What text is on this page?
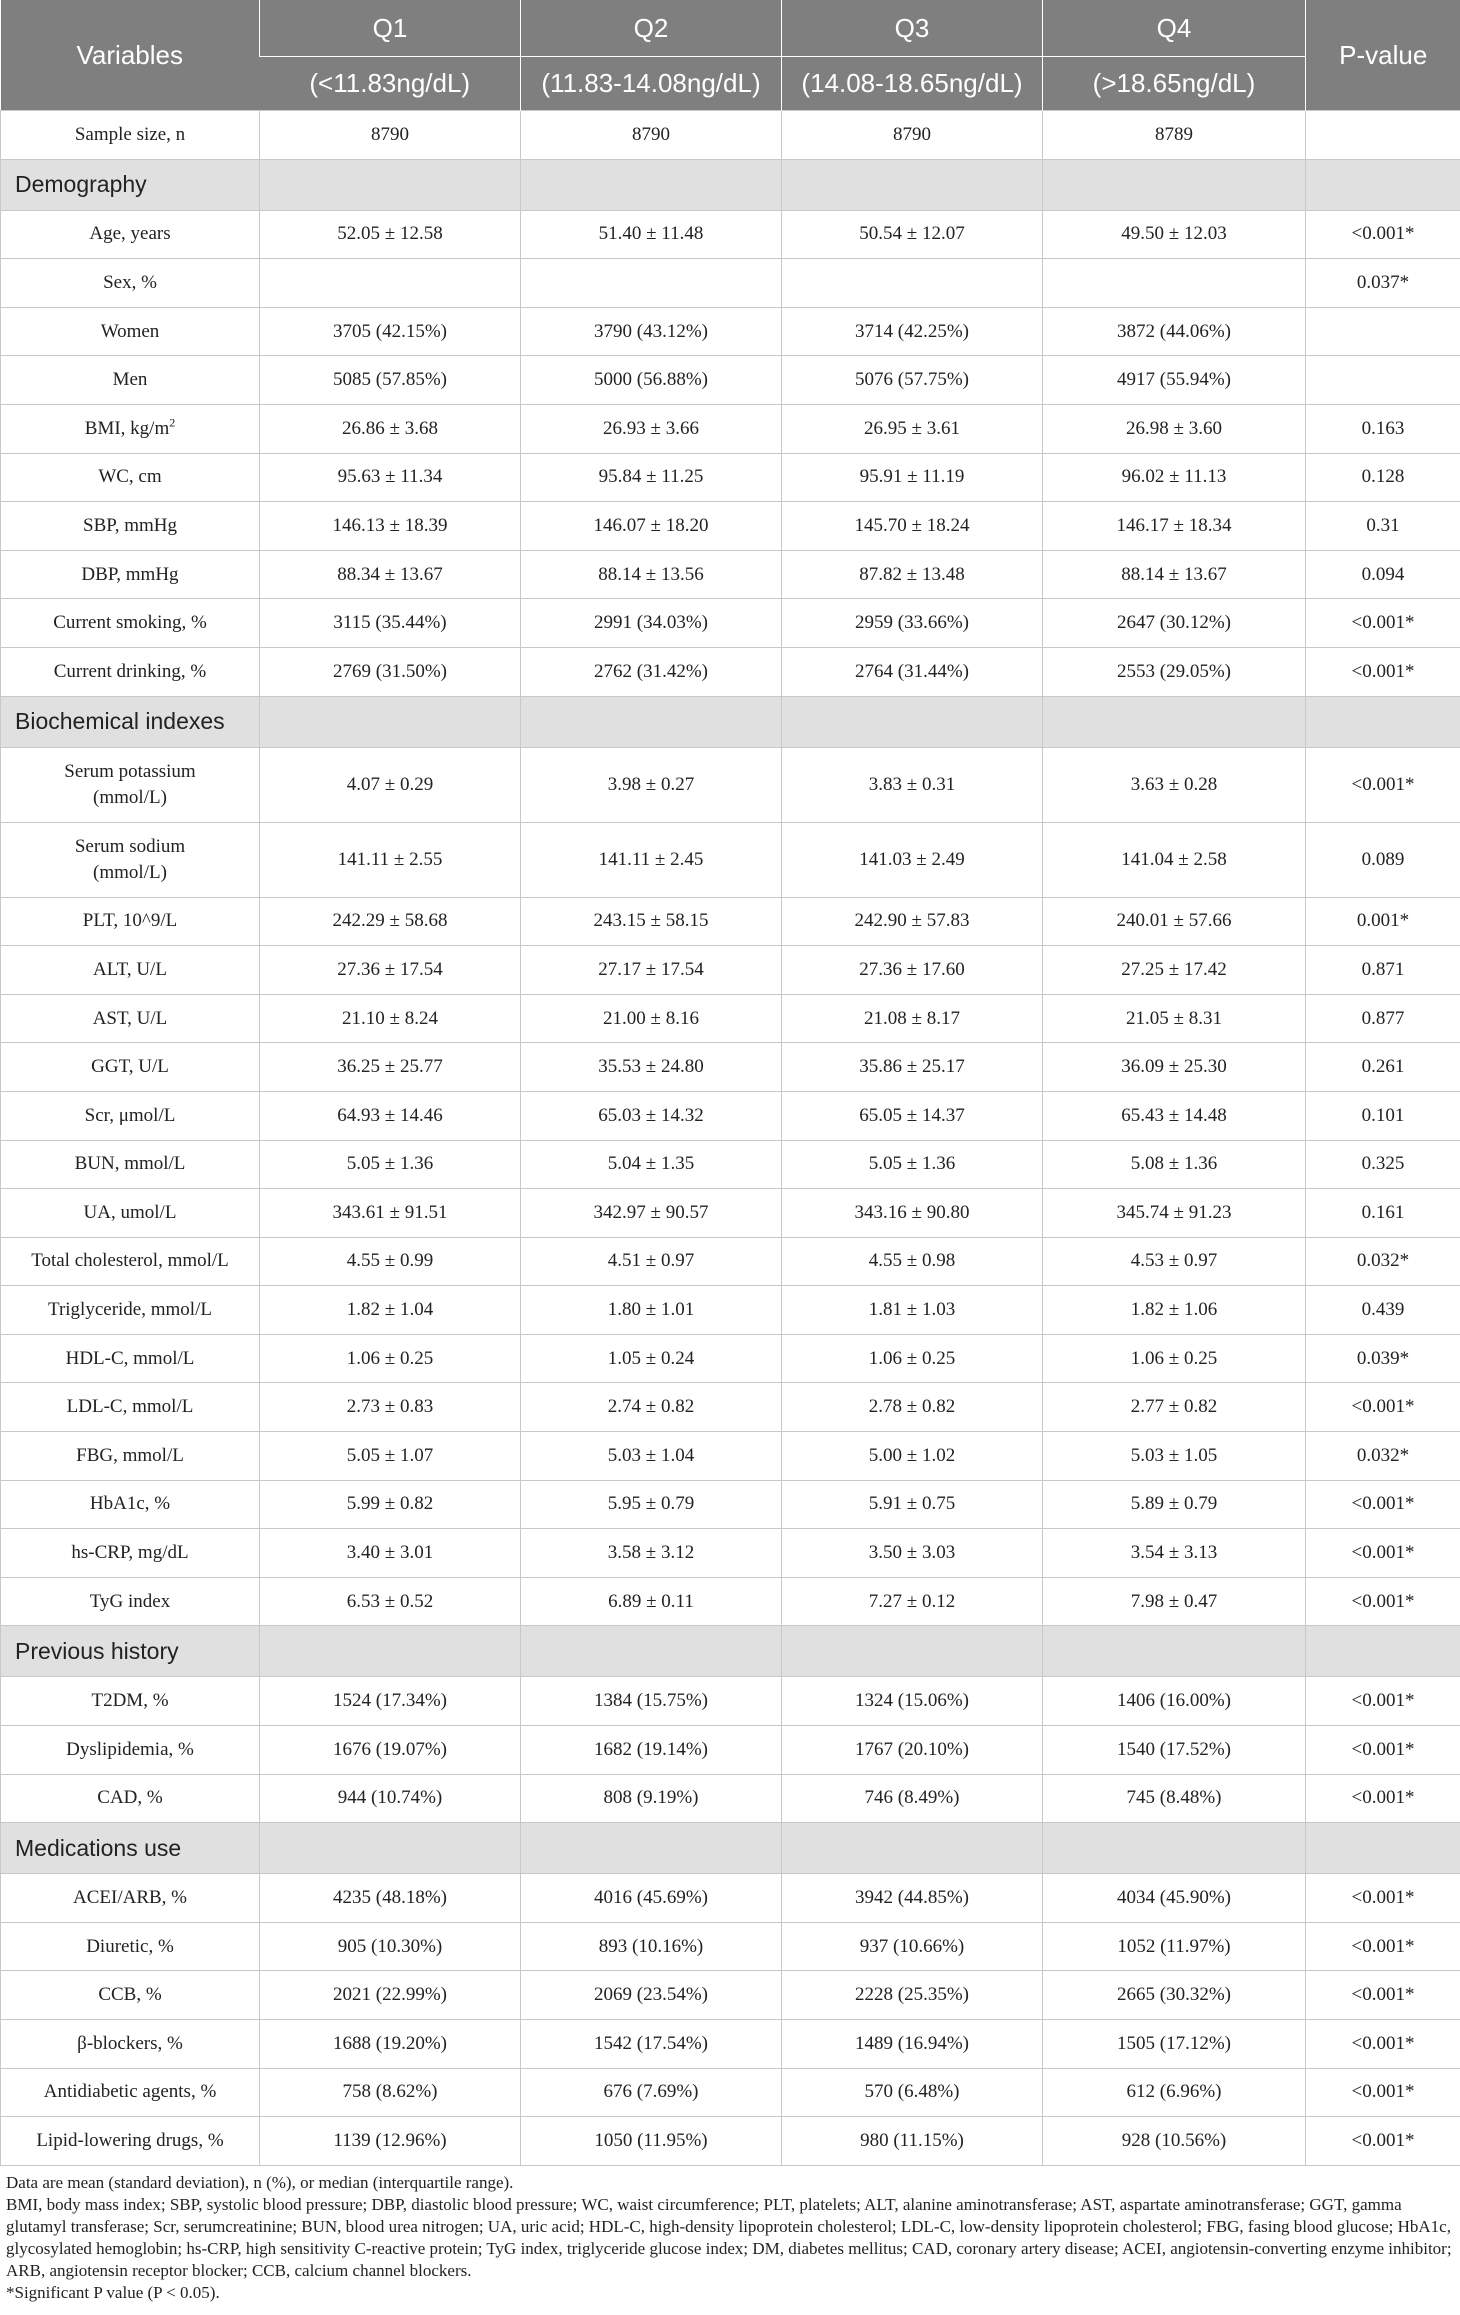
Variables	Q1	Q2	Q3	Q4	P-value
	(<11.83ng/dL)	(11.83-14.08ng/dL)	(14.08-18.65ng/dL)	(>18.65ng/dL)	
Sample size, n	8790	8790	8790	8789	
Demography					
Age, years	52.05 ± 12.58	51.40 ± 11.48	50.54 ± 12.07	49.50 ± 12.03	<0.001*
Sex, %					0.037*
Women	3705 (42.15%)	3790 (43.12%)	3714 (42.25%)	3872 (44.06%)	
Men	5085 (57.85%)	5000 (56.88%)	5076 (57.75%)	4917 (55.94%)	
BMI, $kg/m^2$	26.86 ± 3.68	26.93 ± 3.66	26.95 ± 3.61	26.98 ± 3.60	0.163
WC, cm	95.63 ± 11.34	95.84 ± 11.25	95.91 ± 11.19	96.02 ± 11.13	0.128
SBP, mmHg	146.13 ± 18.39	146.07 ± 18.20	145.70 ± 18.24	146.17 ± 18.34	0.31
DBP, mmHg	88.34 ± 13.67	88.14 ± 13.56	87.82 ± 13.48	88.14 ± 13.67	0.094
Current smoking, %	3115 (35.44%)	2991 (34.03%)	2959 (33.66%)	2647 (30.12%)	<0.001*
Current drinking, %	2769 (31.50%)	2762 (31.42%)	2764 (31.44%)	2553 (29.05%)	<0.001*
Biochemical indexes					
Serum potassium
(mmol/L)	4.07 ± 0.29	3.98 ± 0.27	3.83 ± 0.31	3.63 ± 0.28	<0.001*
Serum sodium
(mmol/L)	141.11 ± 2.55	141.11 ± 2.45	141.03 ± 2.49	141.04 ± 2.58	0.089
PLT, 10^9/L	242.29 ± 58.68	243.15 ± 58.15	242.90 ± 57.83	240.01 ± 57.66	0.001*
ALT, U/L	27.36 ± 17.54	27.17 ± 17.54	27.36 ± 17.60	27.25 ± 17.42	0.871
AST, U/L	21.10 ± 8.24	21.00 ± 8.16	21.08 ± 8.17	21.05 ± 8.31	0.877
GGT, U/L	36.25 ± 25.77	35.53 ± 24.80	35.86 ± 25.17	36.09 ± 25.30	0.261
Scr, μmol/L	64.93 ± 14.46	65.03 ± 14.32	65.05 ± 14.37	65.43 ± 14.48	0.101
BUN, mmol/L	5.05 ± 1.36	5.04 ± 1.35	5.05 ± 1.36	5.08 ± 1.36	0.325
UA, umol/L	343.61 ± 91.51	342.97 ± 90.57	343.16 ± 90.80	345.74 ± 91.23	0.161
Total cholesterol, mmol/L	4.55 ± 0.99	4.51 ± 0.97	4.55 ± 0.98	4.53 ± 0.97	0.032*
Triglyceride, mmol/L	1.82 ± 1.04	1.80 ± 1.01	1.81 ± 1.03	1.82 ± 1.06	0.439
HDL-C, mmol/L	1.06 ± 0.25	1.05 ± 0.24	1.06 ± 0.25	1.06 ± 0.25	0.039*
LDL-C, mmol/L	2.73 ± 0.83	2.74 ± 0.82	2.78 ± 0.82	2.77 ± 0.82	<0.001*
FBG, mmol/L	5.05 ± 1.07	5.03 ± 1.04	5.00 ± 1.02	5.03 ± 1.05	0.032*
HbA1c, %	5.99 ± 0.82	5.95 ± 0.79	5.91 ± 0.75	5.89 ± 0.79	<0.001*
hs-CRP, mg/dL	3.40 ± 3.01	3.58 ± 3.12	3.50 ± 3.03	3.54 ± 3.13	<0.001*
TyG index	6.53 ± 0.52	6.89 ± 0.11	7.27 ± 0.12	7.98 ± 0.47	<0.001*
Previous history					
T2DM, %	1524 (17.34%)	1384 (15.75%)	1324 (15.06%)	1406 (16.00%)	<0.001*
Dyslipidemia, %	1676 (19.07%)	1682 (19.14%)	1767 (20.10%)	1540 (17.52%)	<0.001*
CAD, %	944 (10.74%)	808 (9.19%)	746 (8.49%)	745 (8.48%)	<0.001*
Medications use					
ACEI/ARB, %	4235 (48.18%)	4016 (45.69%)	3942 (44.85%)	4034 (45.90%)	<0.001*
Diuretic, %	905 (10.30%)	893 (10.16%)	937 (10.66%)	1052 (11.97%)	<0.001*
CCB, %	2021 (22.99%)	2069 (23.54%)	2228 (25.35%)	2665 (30.32%)	<0.001*
β-blockers, %	1688 (19.20%)	1542 (17.54%)	1489 (16.94%)	1505 (17.12%)	<0.001*
Antidiabetic agents, %	758 (8.62%)	676 (7.69%)	570 (6.48%)	612 (6.96%)	<0.001*
Lipid-lowering drugs, %	1139 (12.96%)	1050 (11.95%)	980 (11.15%)	928 (10.56%)	<0.001*

Data are mean (standard deviation), n (%), or median (interquartile range).

BMI, body mass index; SBP, systolic blood pressure; DBP, diastolic blood pressure; WC, waist circumference; PLT, platelets; ALT, alanine aminotransferase; AST, aspartate aminotransferase; GGT, gamma glutamyl transferase; Scr, serumcreatinine; BUN, blood urea nitrogen; UA, uric acid; HDL-C, high-density lipoprotein cholesterol; LDL-C, low-density lipoprotein cholesterol; FBG, fasing blood glucose; HbA1c, glycosylated hemoglobin; hs-CRP, high sensitivity C-reactive protein; TyG index, triglyceride glucose index; DM, diabetes mellitus; CAD, coronary artery disease; ACEI, angiotensin-converting enzyme inhibitor; ARB, angiotensin receptor blocker; CCB, calcium channel blockers.

*Significant P value (P < 0.05).
